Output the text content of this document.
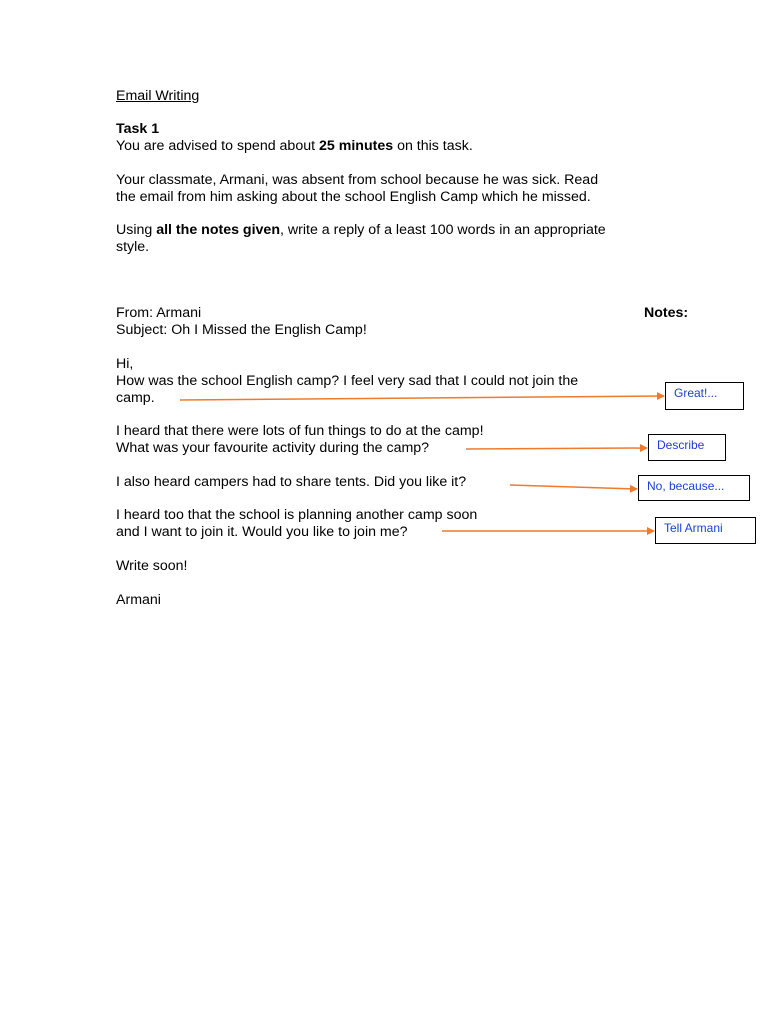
Email Writing
Task 1
You are advised to spend about 25 minutes on this task.
Your classmate, Armani, was absent from school because he was sick. Read
the email from him asking about the school English Camp which he missed.
Using all the notes given, write a reply of a least 100 words in an appropriate
style.
From: Armani	Notes:
Subject: Oh I Missed the English Camp!
Hi,
How was the school English camp? I feel very sad that I could not join the
camp.
I heard that there were lots of fun things to do at the camp!
What was your favourite activity during the camp?
I also heard campers had to share tents. Did you like it?
I heard too that the school is planning another camp soon
and I want to join it. Would you like to join me?
Write soon!
Armani
Great!...
Describe
No, because...
Tell Armani
